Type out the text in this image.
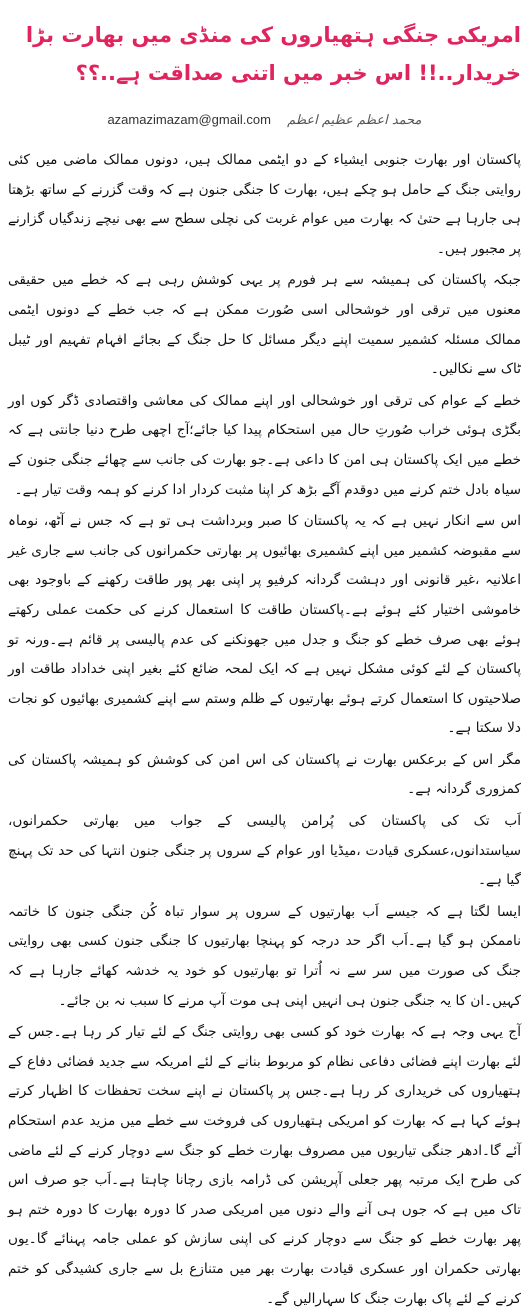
امریکی جنگی ہتھیاروں کی منڈی میں بھارت بڑا خریدار..!! اس خبر میں اتنی صداقت ہے..؟؟
azamazimazam@gmail.com محمد اعظم عظیم اعظم
پاکستان اور بھارت جنوبی ایشیاء کے دو ایٹمی ممالک ہیں، دونوں ممالک ماضی میں کئی روایتی جنگ کے حامل ہو چکے ہیں، بھارت کا جنگی جنون ہے کہ وقت گزرنے کے ساتھ بڑھتا ہی جارہا ہے حتیٰ کہ بھارت میں عوام غربت کی نچلی سطح سے بھی نیچے زندگیاں گزارنے پر مجبور ہیں۔
جبکہ پاکستان کی ہمیشہ سے ہر فورم پر یہی کوشش رہی ہے کہ خطے میں حقیقی معنوں میں ترقی اور خوشحالی اسی صُورت ممکن ہے کہ جب خطے کے دونوں ایٹمی ممالک مسئلہ کشمیر سمیت اپنے دیگر مسائل کا حل جنگ کے بجائے افہام تفہیم اور ٹیبل ٹاک سے نکالیں۔
خطے کے عوام کی ترقی اور خوشحالی اور اپنے ممالک کی معاشی واقتصادی ڈگر کوں اور بگڑی ہوئی خراب صُورتِ حال میں استحکام پیدا کیا جائے؛آج اچھی طرح دنیا جانتی ہے کہ خطے میں ایک پاکستان ہی امن کا داعی ہے۔جو بھارت کی جانب سے چھائے جنگی جنون کے سیاہ بادل ختم کرنے میں دوقدم آگے بڑھ کر اپنا مثبت کردار ادا کرنے کو ہمہ وقت تیار ہے۔
اس سے انکار نہیں ہے کہ یہ پاکستان کا صبر وبرداشت ہی تو ہے کہ جس نے آٹھ، نوماہ سے مقبوضہ کشمیر میں اپنے کشمیری بھائیوں پر بھارتی حکمرانوں کی جانب سے جاری غیر اعلانیہ ،غیر قانونی اور دہشت گردانہ کرفیو پر اپنی بھر پور طاقت رکھنے کے باوجود بھی خاموشی اختیار کئے ہوئے ہے۔پاکستان طاقت کا استعمال کرنے کی حکمت عملی رکھتے ہوئے بھی صرف خطے کو جنگ و جدل میں جھونکنے کی عدم پالیسی پر قائم ہے۔ورنہ تو پاکستان کے لئے کوئی مشکل نہیں ہے کہ ایک لمحہ ضائع کئے بغیر اپنی خداداد طاقت اور صلاحیتوں کا استعمال کرتے ہوئے بھارتیوں کے ظلم وستم سے اپنے کشمیری بھائیوں کو نجات دلا سکتا ہے۔
مگر اس کے برعکس بھارت نے پاکستان کی اس امن کی کوشش کو ہمیشہ پاکستان کی کمزوری گردانہ ہے۔
اَب تک کی پاکستان کی پُرامن پالیسی کے جواب میں بھارتی حکمرانوں، سیاستدانوں،عسکری قیادت ،میڈیا اور عوام کے سروں پر جنگی جنون انتہا کی حد تک پہنچ گیا ہے۔
ایسا لگتا ہے کہ جیسے اَب بھارتیوں کے سروں پر سوار تباہ کُن جنگی جنون کا خاتمہ ناممکن ہو گیا ہے۔اَب اگر حد درجہ کو پہنچا بھارتیوں کا جنگی جنون کسی بھی روایتی جنگ کی صورت میں سر سے نہ اُترا تو بھارتیوں کو خود یہ خدشہ کھائے جارہا ہے کہ کہیں۔ان کا یہ جنگی جنون ہی انہیں اپنی ہی موت آپ مرنے کا سبب نہ بن جائے۔
آج یہی وجہ ہے کہ بھارت خود کو کسی بھی روایتی جنگ کے لئے تیار کر رہا ہے۔جس کے لئے بھارت اپنے فضائی دفاعی نظام کو مربوط بنانے کے لئے امریکہ سے جدید فضائی دفاع کے ہتھیاروں کی خریداری کر رہا ہے۔جس پر پاکستان نے اپنے سخت تحفظات کا اظہار کرتے ہوئے کہا ہے کہ بھارت کو امریکی ہتھیاروں کی فروخت سے خطے میں مزید عدم استحکام آئے گا۔ادھر جنگی تیاریوں میں مصروف بھارت خطے کو جنگ سے دوچار کرنے کے لئے ماضی کی طرح ایک مرتبہ پھر جعلی آپریشن کی ڈرامہ بازی رچانا چاہتا ہے۔اَب جو صرف اس تاک میں ہے کہ جوں ہی آنے والے دنوں میں امریکی صدر کا دورہ بھارت کا دورہ ختم ہو پھر بھارت خطے کو جنگ سے دوچار کرنے کی اپنی سازش کو عملی جامہ پہنائے گا۔یوں بھارتی حکمران اور عسکری قیادت بھارت بھر میں متنازع بل سے جاری کشیدگی کو ختم کرنے کے لئے پاک بھارت جنگ کا سہارالیں گے۔
